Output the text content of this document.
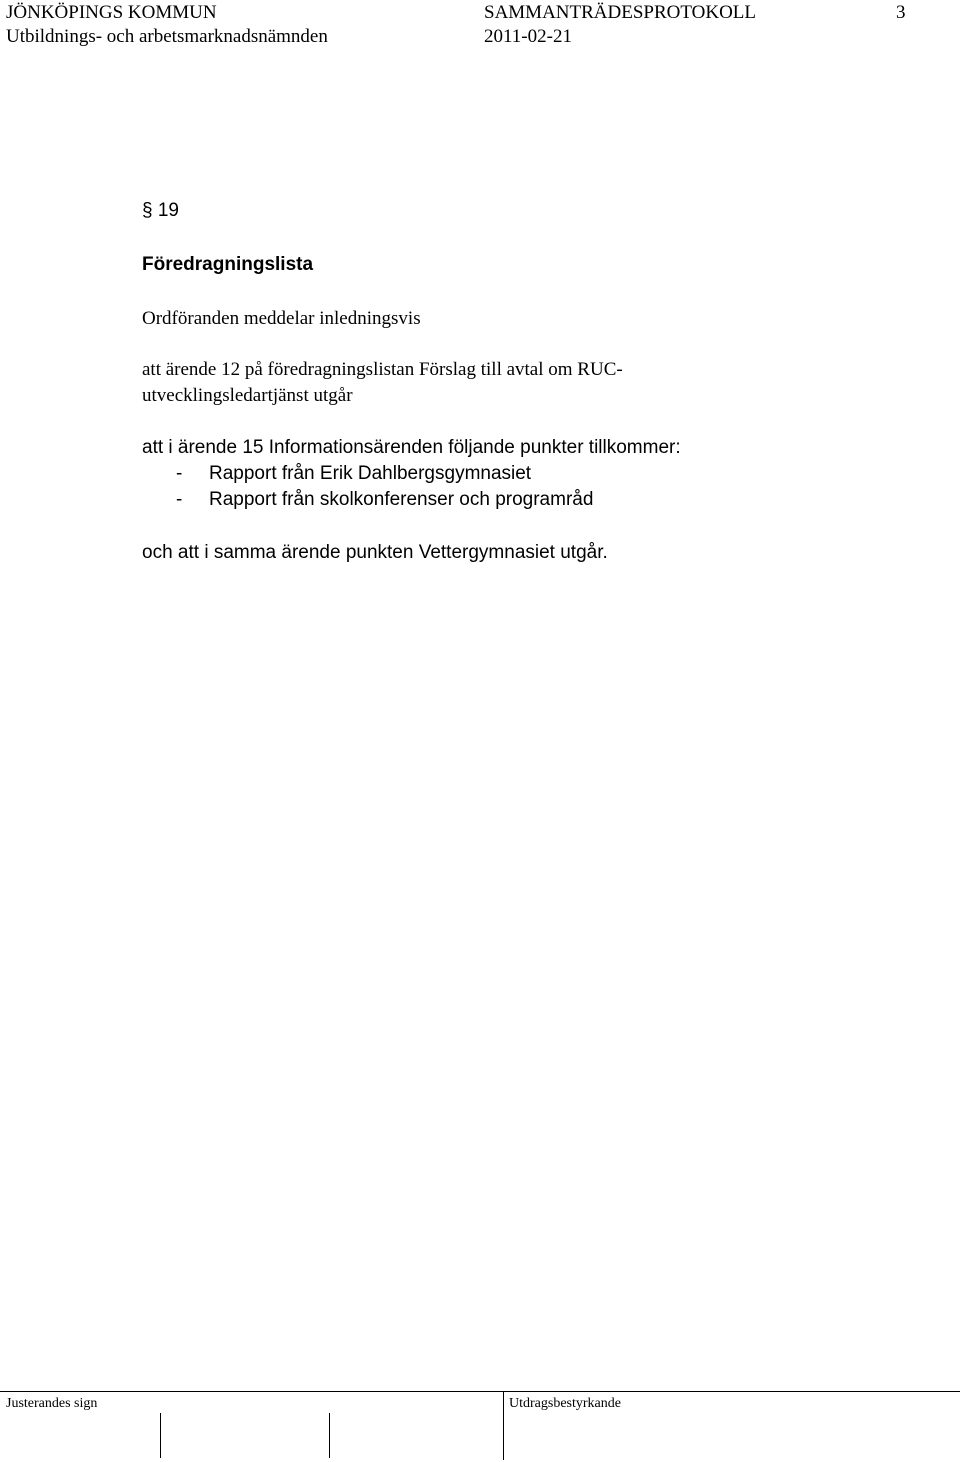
JÖNKÖPINGS KOMMUN
Utbildnings- och arbetsmarknadsnämnden
SAMMANTRÄDESPROTOKOLL
2011-02-21
3
§ 19
Föredragningslista
Ordföranden meddelar inledningsvis
att ärende 12 på föredragningslistan Förslag till avtal om RUC-
utvecklingsledartjänst utgår
att i ärende 15 Informationsärenden följande punkter tillkommer:
- Rapport från Erik Dahlbergsgymnasiet
- Rapport från skolkonferenser och programråd
och att i samma ärende punkten Vettergymnasiet utgår.
Justerandes sign	Utdragsbestyrkande
